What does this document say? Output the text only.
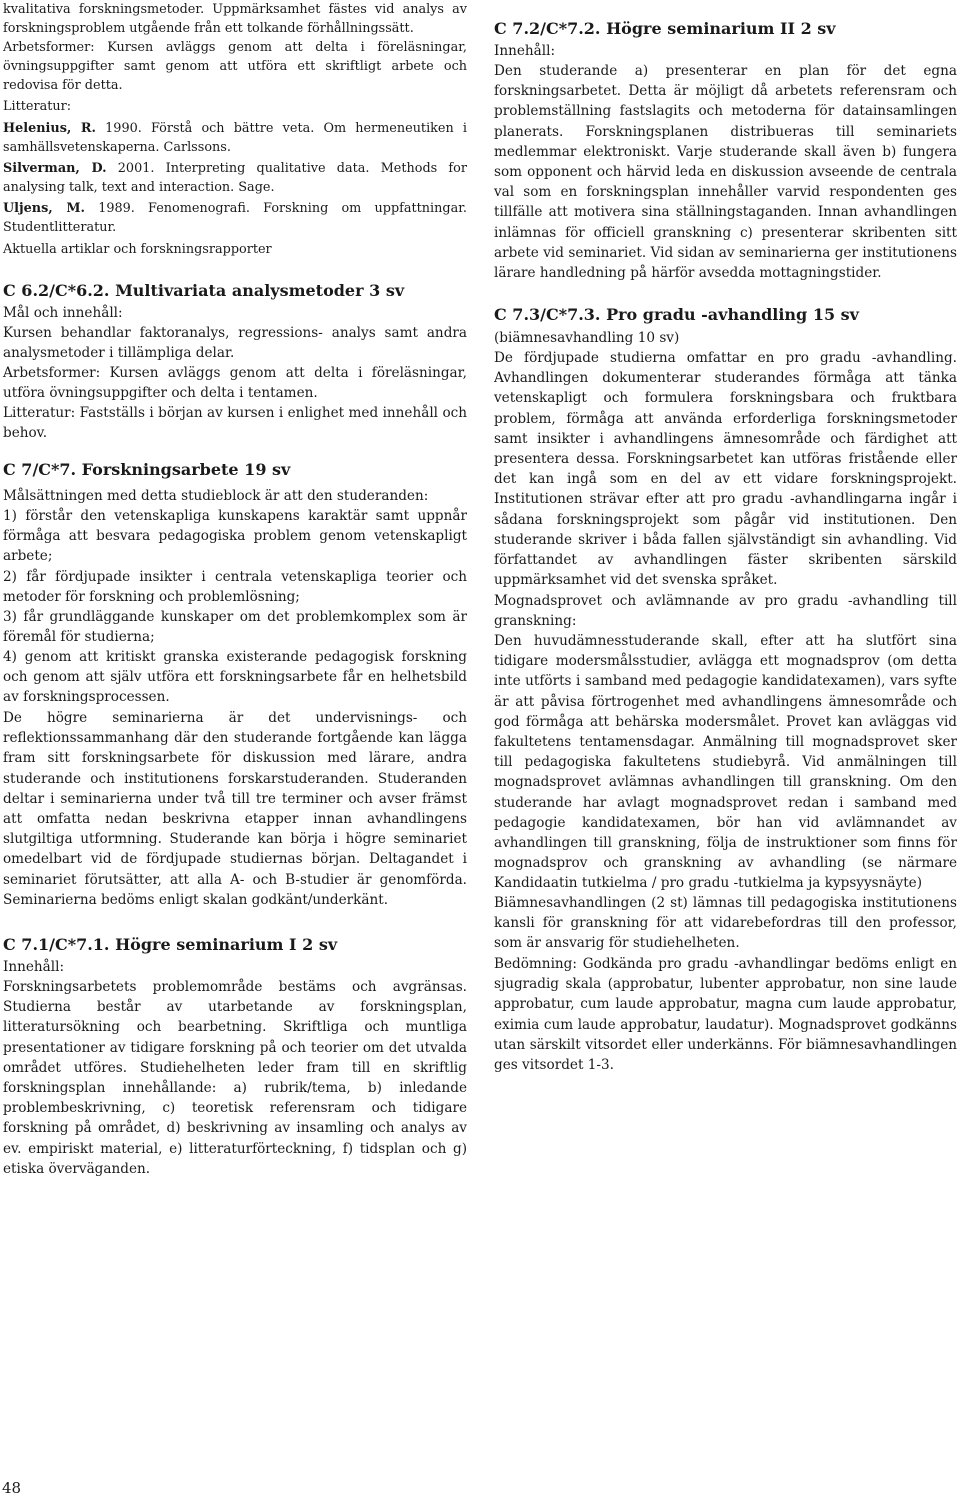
kvalitativa forskningsmetoder. Uppmärksamhet fästes vid analys av forskningsproblem utgående från ett tolkande förhållningssätt.

Arbetsformer: Kursen avläggs genom att delta i föreläsningar, övningsuppgifter samt genom att utföra ett skriftligt arbete och redovisa för detta.

Litteratur:

Helenius, R. 1990. Förstå och bättre veta. Om hermeneutiken i samhällsvetenskaperna. Carlssons.

Silverman, D. 2001. Interpreting qualitative data. Methods for analysing talk, text and interaction. Sage.

Uljens, M. 1989. Fenomenografi. Forskning om uppfattningar. Studentlitteratur.

Aktuella artiklar och forskningsrapporter

C 6.2/C*6.2. Multivariata analysmetoder 3 sv

Mål och innehåll:

Kursen behandlar faktoranalys, regressions- analys samt andra analysmetoder i tillämpliga delar.

Arbetsformer: Kursen avläggs genom att delta i föreläsningar, utföra övningsuppgifter och delta i tentamen.

Litteratur: Fastställs i början av kursen i enlighet med innehåll och behov.

C 7/C*7. Forskningsarbete 19 sv

Målsättningen med detta studieblock är att den studeranden:

1) förstår den vetenskapliga kunskapens karaktär samt uppnår förmåga att besvara pedagogiska problem genom vetenskapligt arbete;

2) får fördjupade insikter i centrala vetenskapliga teorier och metoder för forskning och problemlösning;

3) får grundläggande kunskaper om det problemkomplex som är föremål för studierna;

4) genom att kritiskt granska existerande pedagogisk forskning och genom att själv utföra ett forskningsarbete får en helhetsbild av forskningsprocessen.

De högre seminarierna är det undervisnings- och reflektionssammanhang där den studerande fortgående kan lägga fram sitt forskningsarbete för diskussion med lärare, andra studerande och institutionens forskarstuderanden. Studeranden deltar i seminarierna under två till tre terminer och avser främst att omfatta nedan beskrivna etapper innan avhandlingens slutgiltiga utformning. Studerande kan börja i högre seminariet omedelbart vid de fördjupade studiernas början. Deltagandet i seminariet förutsätter, att alla A- och B-studier är genomförda. Seminarierna bedöms enligt skalan godkänt/underkänt.

C 7.1/C*7.1. Högre seminarium I 2 sv

Innehåll:

Forskningsarbetets problemområde bestäms och avgränsas. Studierna består av utarbetande av forskningsplan, litteratursökning och bearbetning. Skriftliga och muntliga presentationer av tidigare forskning på och teorier om det utvalda området utföres. Studiehelheten leder fram till en skriftlig forskningsplan innehållande: a) rubrik/tema, b) inledande problembeskrivning, c) teoretisk referensram och tidigare forskning på området, d) beskrivning av insamling och analys av ev. empiriskt material, e) litteraturförteckning, f) tidsplan och g) etiska överväganden.

C 7.2/C*7.2. Högre seminarium II 2 sv

Innehåll:

Den studerande a) presenterar en plan för det egna forskningsarbetet. Detta är möjligt då arbetets referensram och problemställning fastslagits och metoderna för datainsamlingen planerats. Forskningsplanen distribueras till seminariets medlemmar elektroniskt. Varje studerande skall även b) fungera som opponent och härvid leda en diskussion avseende de centrala val som en forskningsplan innehåller varvid respondenten ges tillfälle att motivera sina ställningstaganden. Innan avhandlingen inlämnas för officiell granskning c) presenterar skribenten sitt arbete vid seminariet. Vid sidan av seminarierna ger institutionens lärare handledning på härför avsedda mottagningstider.

C 7.3/C*7.3. Pro gradu -avhandling 15 sv

(biämnesavhandling 10 sv)

De fördjupade studierna omfattar en pro gradu -avhandling. Avhandlingen dokumenterar studerandes förmåga att tänka vetenskapligt och formulera forskningsbara och fruktbara problem, förmåga att använda erforderliga forskningsmetoder samt insikter i avhandlingens ämnesområde och färdighet att presentera dessa. Forskningsarbetet kan utföras fristående eller det kan ingå som en del av ett vidare forskningsprojekt. Institutionen strävar efter att pro gradu -avhandlingarna ingår i sådana forskningsprojekt som pågår vid institutionen. Den studerande skriver i båda fallen självständigt sin avhandling. Vid författandet av avhandlingen fäster skribenten särskild uppmärksamhet vid det svenska språket.

Mognadsprovet och avlämnande av pro gradu -avhandling till granskning:

Den huvudämnesstuderande skall, efter att ha slutfört sina tidigare modersmålsstudier, avlägga ett mognadsprov (om detta inte utförts i samband med pedagogie kandidatexamen), vars syfte är att påvisa förtrogenhet med avhandlingens ämnesområde och god förmåga att behärska modersmålet. Provet kan avläggas vid fakultetens tentamensdagar. Anmälning till mognadsprovet sker till pedagogiska fakultetens studiebyrå. Vid anmälningen till mognadsprovet avlämnas avhandlingen till granskning. Om den studerande har avlagt mognadsprovet redan i samband med pedagogie kandidatexamen, bör han vid avlämnandet av avhandlingen till granskning, följa de instruktioner som finns för mognadsprov och granskning av avhandling (se närmare Kandidaatin tutkielma / pro gradu -tutkielma ja kypsyysnäyte)

Biämnesavhandlingen (2 st) lämnas till pedagogiska institutionens kansli för granskning för att vidarebefordras till den professor, som är ansvarig för studiehelheten.

Bedömning: Godkända pro gradu -avhandlingar bedöms enligt en sjugradig skala (approbatur, lubenter approbatur, non sine laude approbatur, cum laude approbatur, magna cum laude approbatur, eximia cum laude approbatur, laudatur). Mognadsprovet godkänns utan särskilt vitsordet eller underkänns. För biämnesavhandlingen ges vitsordet 1-3.

48
